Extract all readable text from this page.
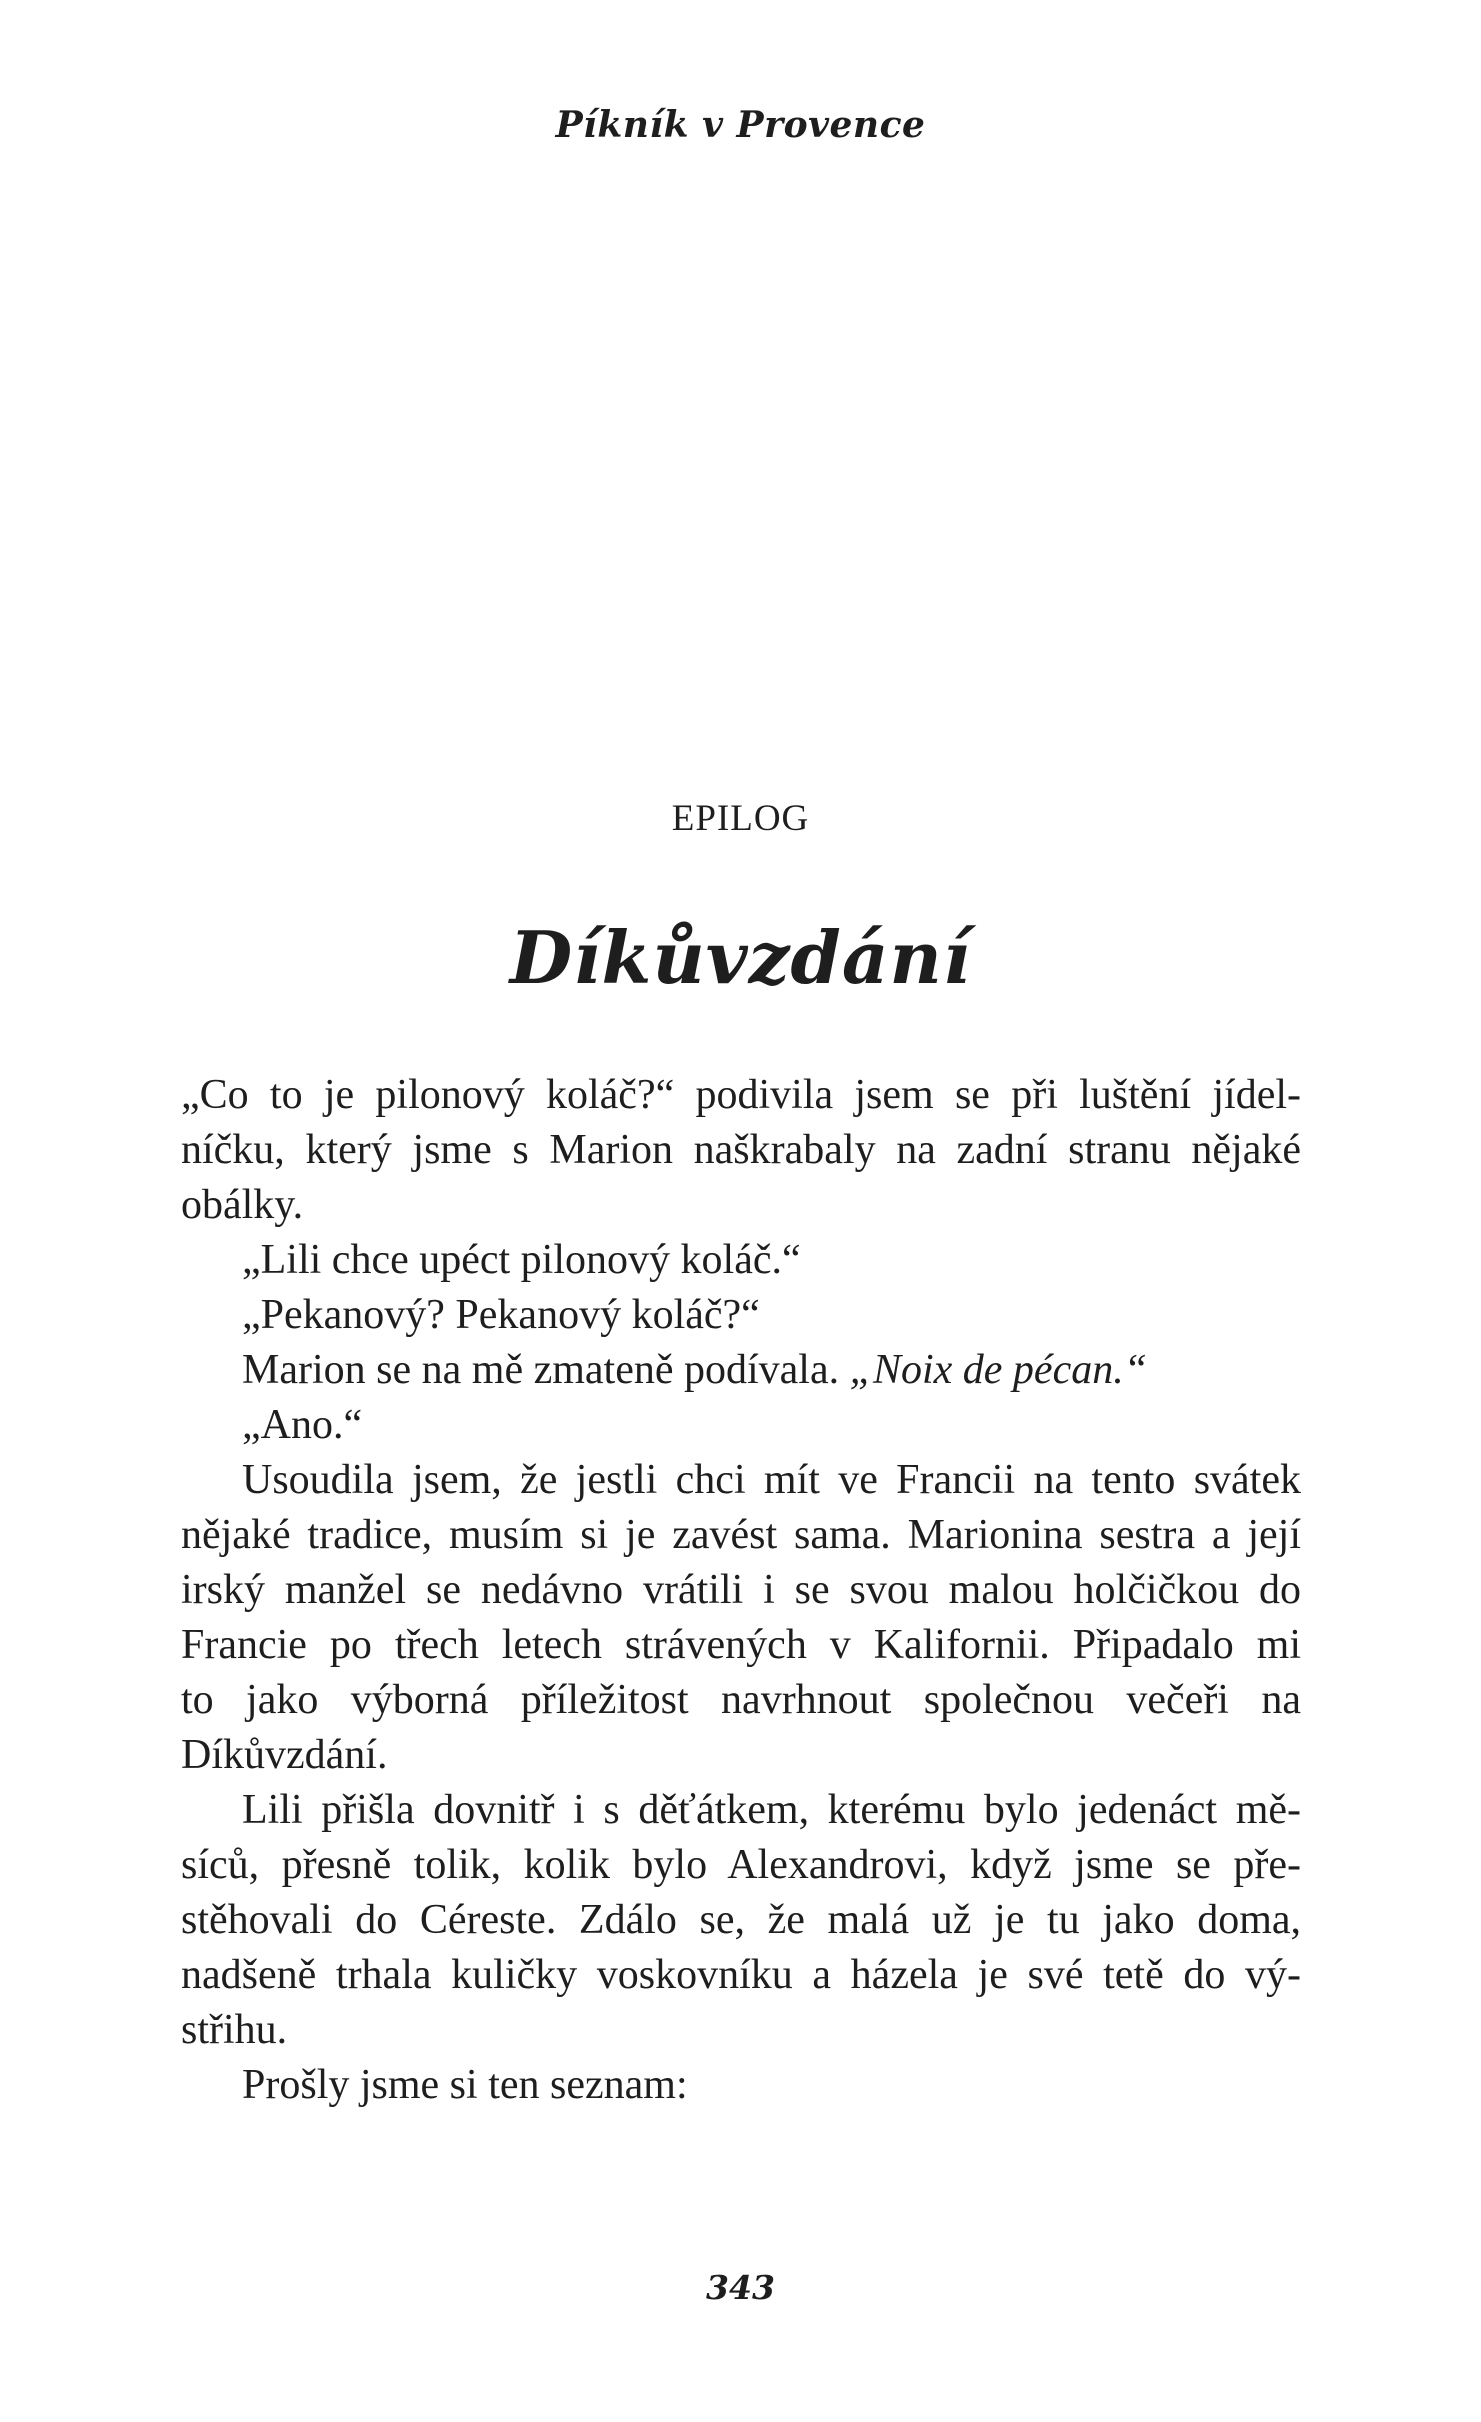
Píkník v Provence
EPILOG
Díkůvzdání
„Co to je pilonový koláč?“ podivila jsem se při luštění jídel-
níčku, který jsme s Marion naškrabaly na zadní stranu nějaké
obálky.
„Lili chce upéct pilonový koláč.“
„Pekanový? Pekanový koláč?“
Marion se na mě zmateně podívala. „Noix de pécan.“
„Ano.“
Usoudila jsem, že jestli chci mít ve Francii na tento svátek
nějaké tradice, musím si je zavést sama. Marionina sestra a její
irský manžel se nedávno vrátili i se svou malou holčičkou do
Francie po třech letech strávených v Kalifornii. Připadalo mi
to jako výborná příležitost navrhnout společnou večeři na
Díkůvzdání.
Lili přišla dovnitř i s děťátkem, kterému bylo jedenáct mě-
síců, přesně tolik, kolik bylo Alexandrovi, když jsme se pře-
stěhovali do Céreste. Zdálo se, že malá už je tu jako doma,
nadšeně trhala kuličky voskovníku a házela je své tetě do vý-
střihu.
Prošly jsme si ten seznam:
343
